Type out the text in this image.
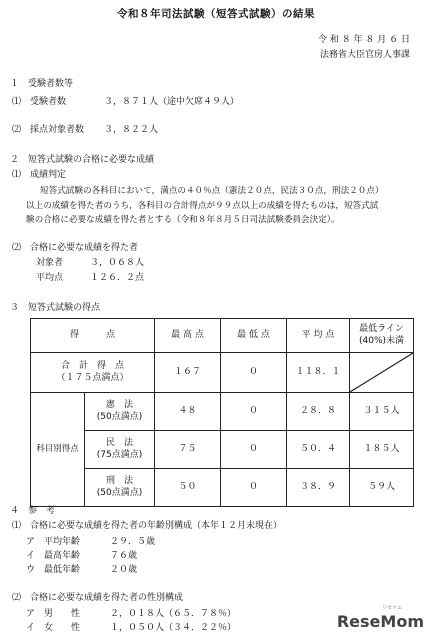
令和８年司法試験（短答式試験）の結果
令 和 ８ 年 ８ 月 ６ 日
法務省大臣官房人事課
１　受験者数等
⑴　受験者数	３，８７１人（途中欠席４９人）
⑵　採点対象者数 ３，８２２人
２　短答式試験の合格に必要な成績
⑴　成績判定
短答式試験の各科目において，満点の４０％点（憲法２０点，民法３０点，刑法２０点）
以上の成績を得た者のうち，各科目の合計得点が９９点以上の成績を得たものは，短答式試
験の合格に必要な成績を得た者とする（令和８年８月５日司法試験委員会決定）。
⑵　合格に必要な成績を得た者
対象者	３，０６８人
平均点	１２６．２点
３　短答式試験の得点
得　　　点		最 高 点	最 低 点	平 均 点	最低ライン
(40%)未満

合　計　得　点
（１７５点満点）		１６７	０	１１８．１	

科目別得点	憲　法
(50点満点)	４８	０	２８．８	３１５人

	民　法
(75点満点)	７５	０	５０．４	１８５人

	刑　法
(50点満点)	５０	０	３８．９	５９人
４　参　考
⑴　合格に必要な成績を得た者の年齢別構成（本年１２月末現在）
ア　平均年齢	２９．５歳
イ　最高年齢	７６歳
ウ　最低年齢	２０歳
⑵　合格に必要な成績を得た者の性別構成
ア　男　　性	２，０１８人（６５．７８％）
イ　女　　性	１，０５０人（３４．２２％）
リセマム
ReseMom
